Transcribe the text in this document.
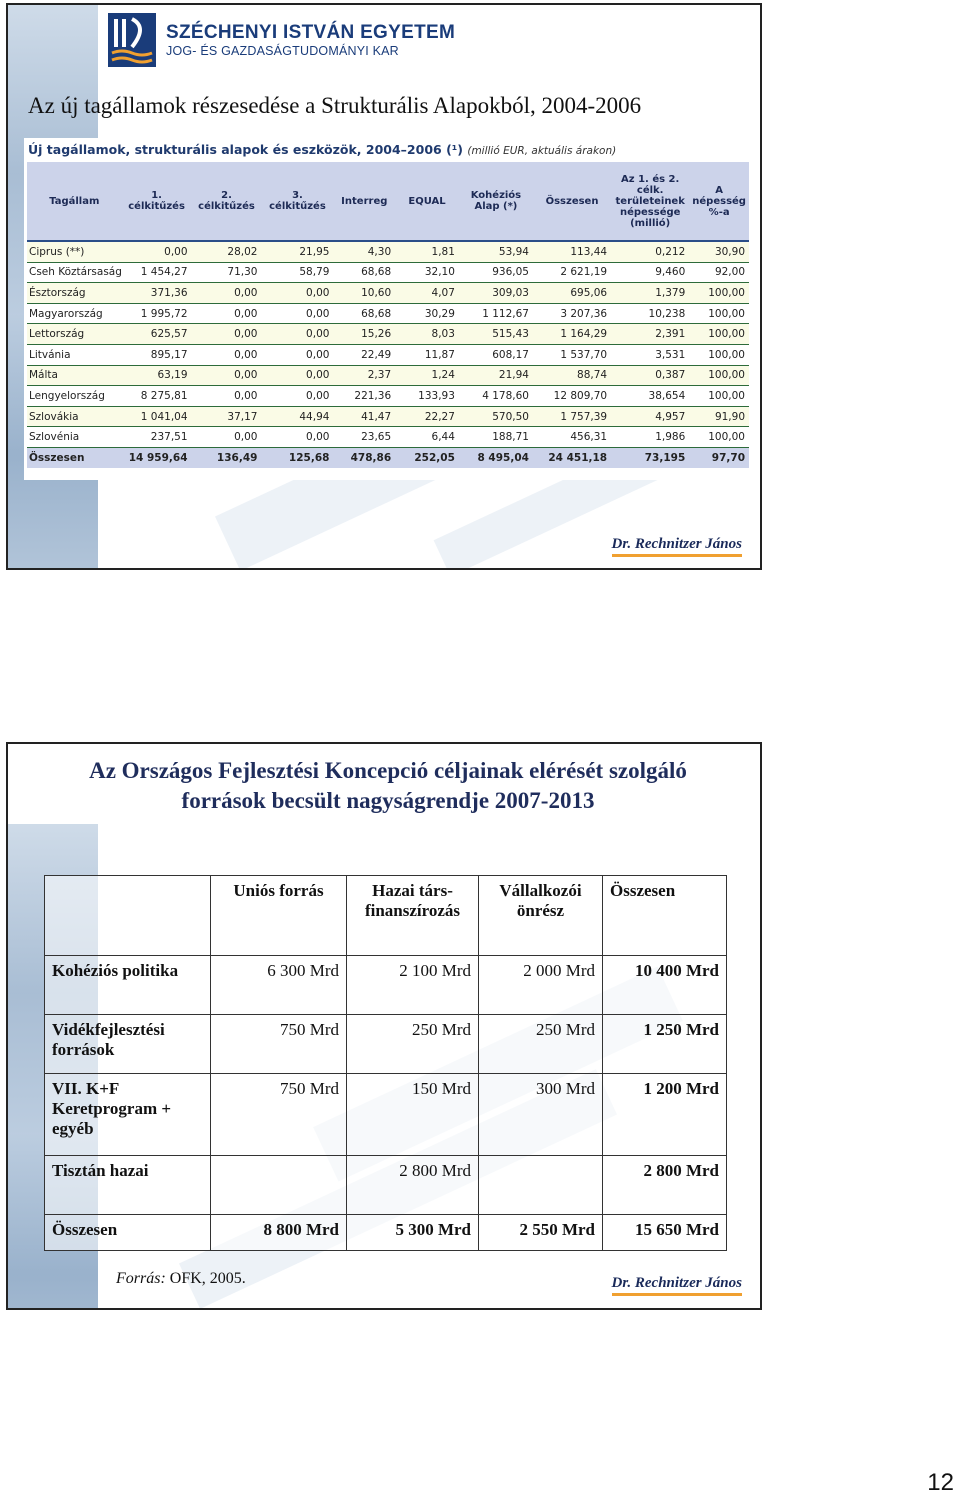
SZÉCHENYI ISTVÁN EGYETEM
JOG- ÉS GAZDASÁGTUDOMÁNYI KAR
Az új tagállamok részesedése a Strukturális Alapokból, 2004-2006
Új tagállamok, strukturális alapok és eszközök, 2004–2006 (¹) (millió EUR, aktuális árakon)
Tagállam	1. célkitűzés	2. célkitűzés	3. célkitűzés	Interreg	EQUAL	Kohéziós Alap (*)	Összesen	Az 1. és 2. célk. területeinek népessége (millió)	A népesség %-a
Ciprus (**)	0,00	28,02	21,95	4,30	1,81	53,94	113,44	0,212	30,90
Cseh Köztársaság	1 454,27	71,30	58,79	68,68	32,10	936,05	2 621,19	9,460	92,00
Észtország	371,36	0,00	0,00	10,60	4,07	309,03	695,06	1,379	100,00
Magyarország	1 995,72	0,00	0,00	68,68	30,29	1 112,67	3 207,36	10,238	100,00
Lettország	625,57	0,00	0,00	15,26	8,03	515,43	1 164,29	2,391	100,00
Litvánia	895,17	0,00	0,00	22,49	11,87	608,17	1 537,70	3,531	100,00
Málta	63,19	0,00	0,00	2,37	1,24	21,94	88,74	0,387	100,00
Lengyelország	8 275,81	0,00	0,00	221,36	133,93	4 178,60	12 809,70	38,654	100,00
Szlovákia	1 041,04	37,17	44,94	41,47	22,27	570,50	1 757,39	4,957	91,90
Szlovénia	237,51	0,00	0,00	23,65	6,44	188,71	456,31	1,986	100,00
Összesen	14 959,64	136,49	125,68	478,86	252,05	8 495,04	24 451,18	73,195	97,70
Dr. Rechnitzer János
Az Országos Fejlesztési Koncepció céljainak elérését szolgáló
források becsült nagyságrendje 2007-2013
	Uniós forrás	Hazai társ-finanszírozás	Vállalkozói önrész	Összesen
Kohéziós politika	6 300 Mrd	2 100 Mrd	2 000 Mrd	10 400 Mrd
Vidékfejlesztési források	750 Mrd	250 Mrd	250 Mrd	1 250 Mrd
VII. K+F Keretprogram + egyéb	750 Mrd	150 Mrd	300 Mrd	1 200 Mrd
Tisztán hazai		2 800 Mrd		2 800 Mrd
Összesen	8 800 Mrd	5 300 Mrd	2 550 Mrd	15 650 Mrd
Forrás: OFK, 2005.	Dr. Rechnitzer János
12
